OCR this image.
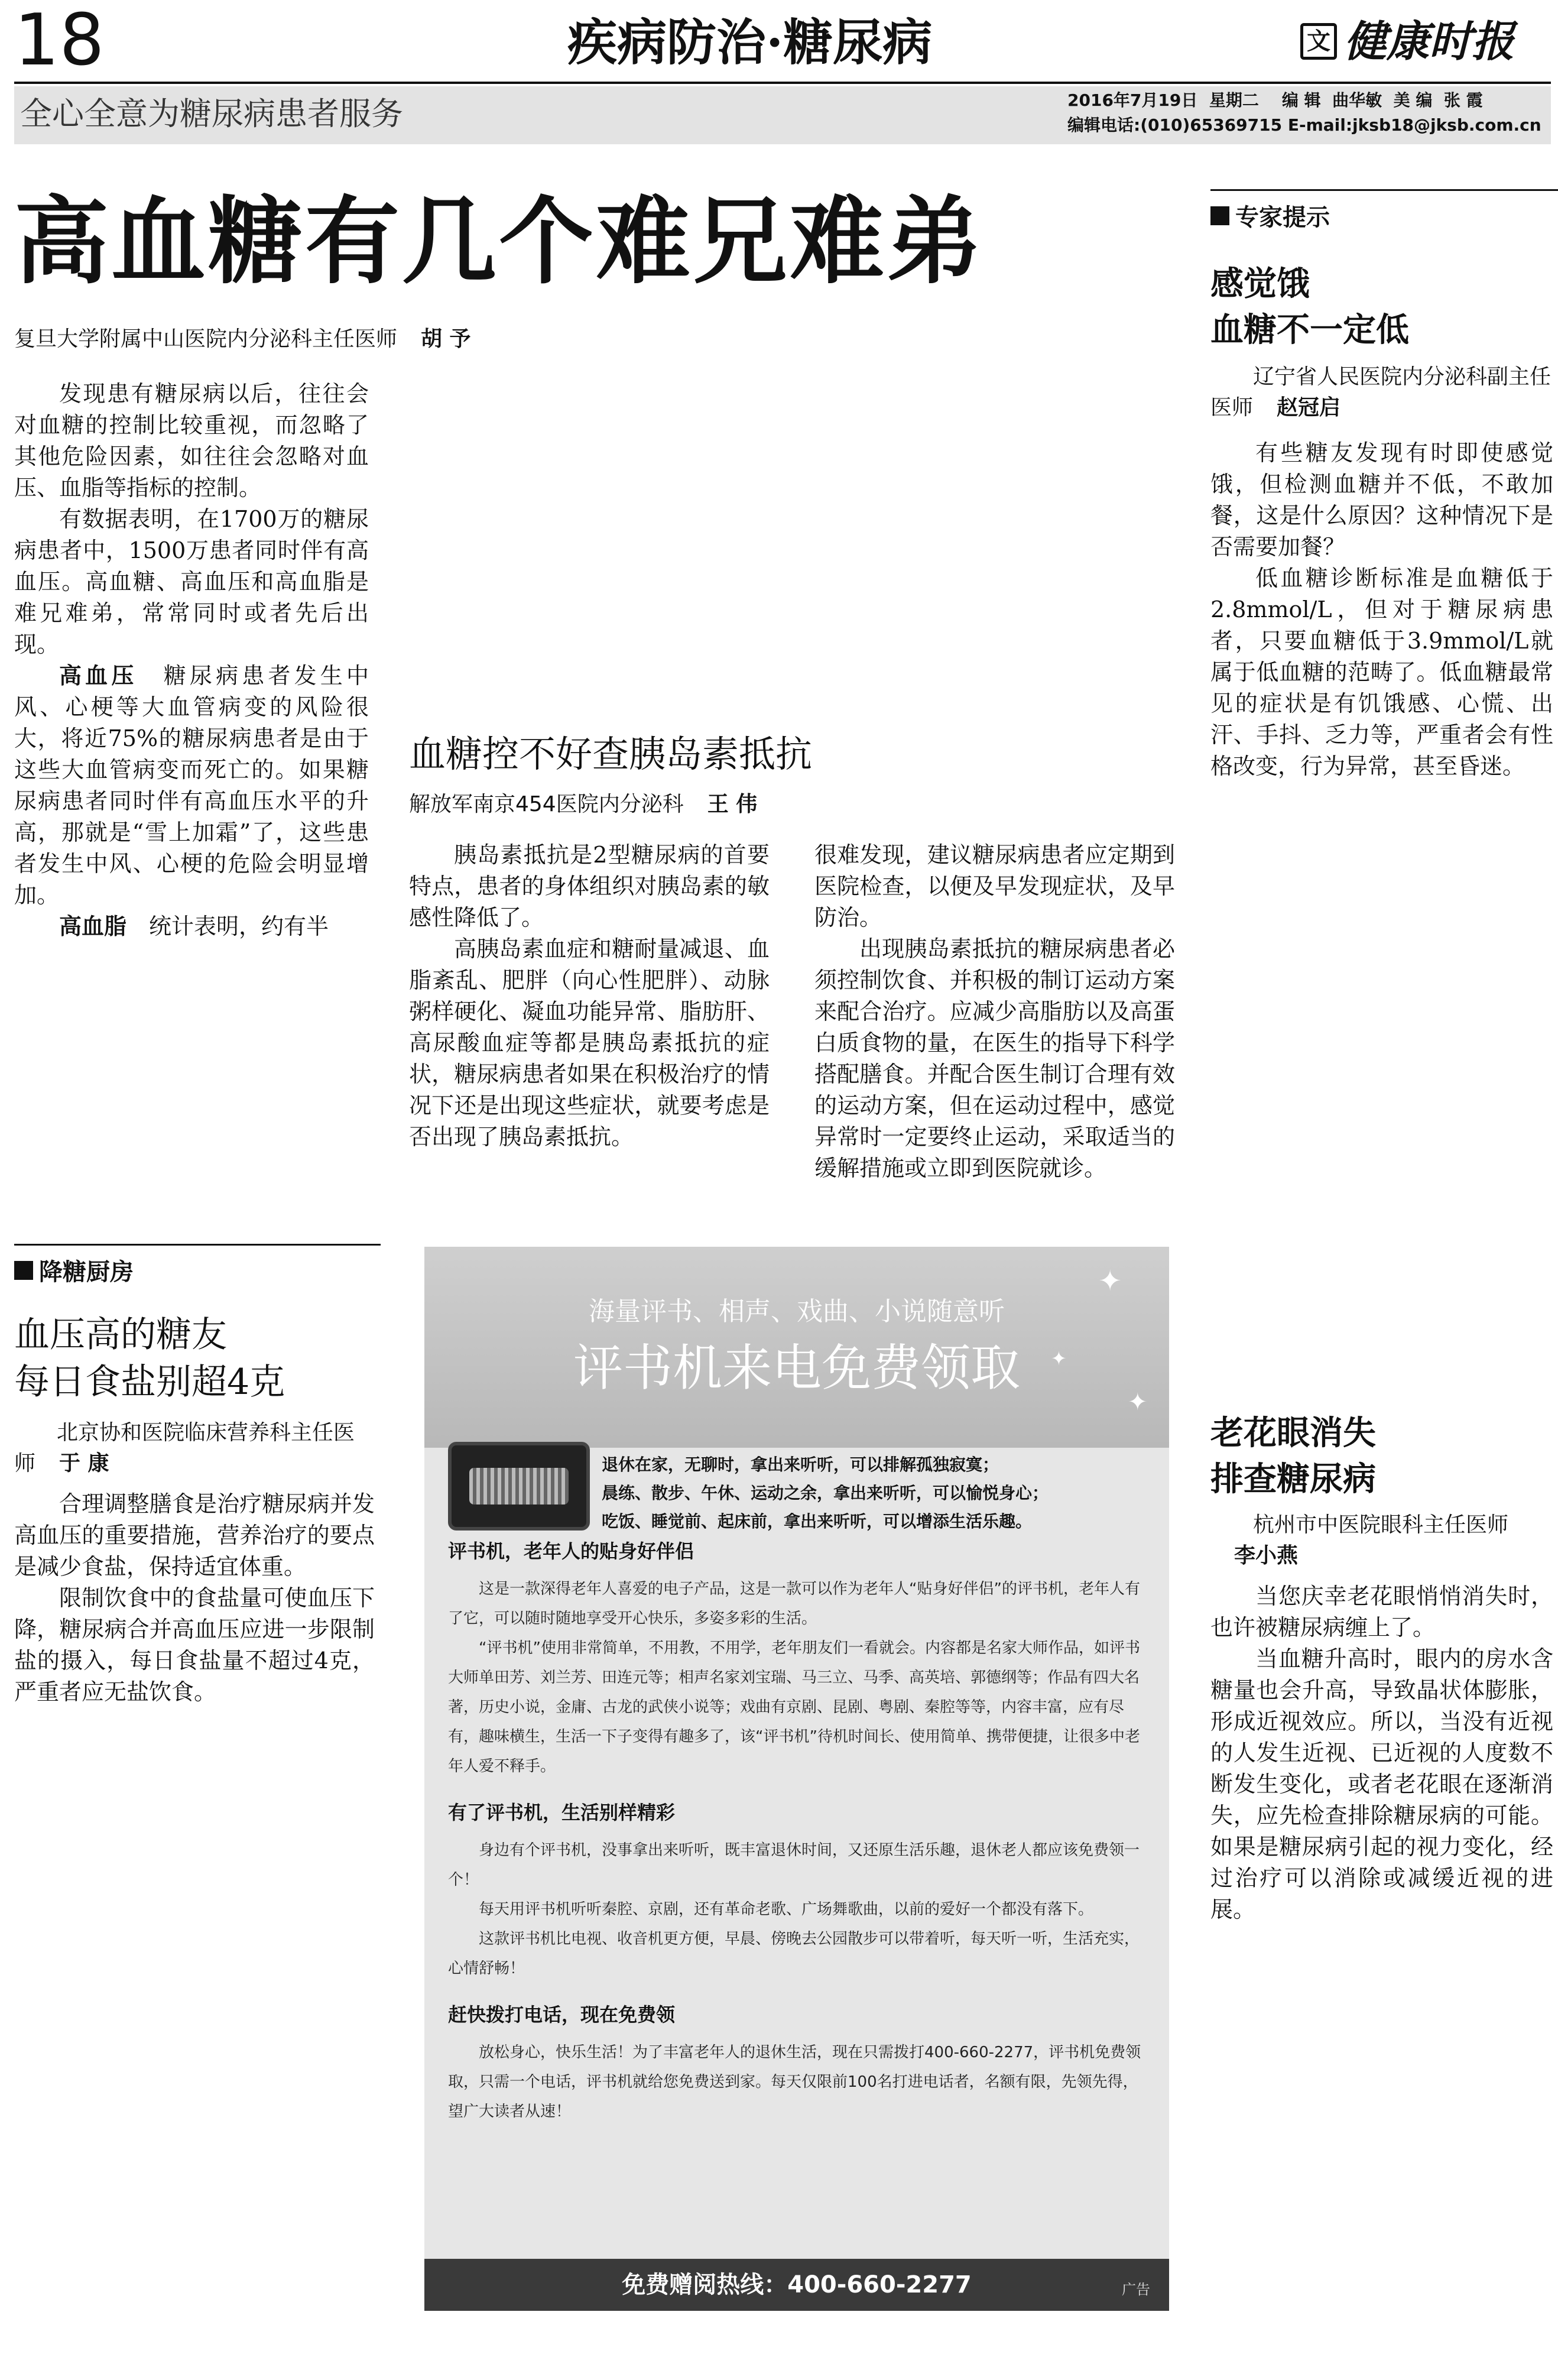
18	疾病防治·糖尿病	文 健康时报
全心全意为糖尿病患者服务	2016年7月19日  星期二    编 辑  曲华敏  美 编  张 霞
编辑电话:(010)65369715 E-mail:jksb18@jksb.com.cn
高血糖有几个难兄难弟
复旦大学附属中山医院内分泌科主任医师 胡 予

发现患有糖尿病以后，往往会对血糖的控制比较重视，而忽略了其他危险因素，如往往会忽略对血压、血脂等指标的控制。

有数据表明，在1700万的糖尿病患者中，1500万患者同时伴有高血压。高血糖、高血压和高血脂是难兄难弟，常常同时或者先后出现。

高血压　 糖尿病患者发生中风、心梗等大血管病变的风险很大，将近75%的糖尿病患者是由于这些大血管病变而死亡的。如果糖尿病患者同时伴有高血压水平的升高，那就是“雪上加霜”了，这些患者发生中风、心梗的危险会明显增加。

高血脂　 统计表明，约有半

血糖控不好查胰岛素抵抗
解放军南京454医院内分泌科 王 伟

胰岛素抵抗是2型糖尿病的首要特点，患者的身体组织对胰岛素的敏感性降低了。

高胰岛素血症和糖耐量减退、血脂紊乱、肥胖（向心性肥胖）、动脉粥样硬化、凝血功能异常、脂肪肝、高尿酸血症等都是胰岛素抵抗的症状，糖尿病患者如果在积极治疗的情况下还是出现这些症状，就要考虑是否出现了胰岛素抵抗。

很难发现，建议糖尿病患者应定期到医院检查，以便及早发现症状，及早防治。

出现胰岛素抵抗的糖尿病患者必须控制饮食、并积极的制订运动方案来配合治疗。应减少高脂肪以及高蛋白质食物的量，在医生的指导下科学搭配膳食。并配合医生制订合理有效的运动方案，但在运动过程中，感觉异常时一定要终止运动，采取适当的缓解措施或立即到医院就诊。

降糖厨房
血压高的糖友
每日食盐别超4克
北京协和医院临床营养科主任医师 于 康

合理调整膳食是治疗糖尿病并发高血压的重要措施，营养治疗的要点是减少食盐，保持适宜体重。

限制饮食中的食盐量可使血压下降，糖尿病合并高血压应进一步限制盐的摄入，每日食盐量不超过4克，严重者应无盐饮食。

专家提示
感觉饿
血糖不一定低
辽宁省人民医院内分泌科副主任医师 赵冠启

有些糖友发现有时即使感觉饿，但检测血糖并不低，不敢加餐，这是什么原因？这种情况下是否需要加餐？

低血糖诊断标准是血糖低于2.8mmol/L，但对于糖尿病患者，只要血糖低于3.9mmol/L就属于低血糖的范畴了。低血糖最常见的症状是有饥饿感、心慌、出汗、手抖、乏力等，严重者会有性格改变，行为异常，甚至昏迷。

老花眼消失
排查糖尿病
杭州市中医院眼科主任医师李小燕

当您庆幸老花眼悄悄消失时，也许被糖尿病缠上了。

当血糖升高时，眼内的房水含糖量也会升高，导致晶状体膨胀，形成近视效应。所以，当没有近视的人发生近视、已近视的人度数不断发生变化，或者老花眼在逐渐消失，应先检查排除糖尿病的可能。如果是糖尿病引起的视力变化，经过治疗可以消除或减缓近视的进展。

✦
✦
✦
海量评书、相声、戏曲、小说随意听
评书机来电免费领取
退休在家，无聊时，拿出来听听，可以排解孤独寂寞；
晨练、散步、午休、运动之余，拿出来听听，可以愉悦身心；
吃饭、睡觉前、起床前，拿出来听听，可以增添生活乐趣。
评书机，老年人的贴身好伴侣

这是一款深得老年人喜爱的电子产品，这是一款可以作为老年人“贴身好伴侣”的评书机，老年人有了它，可以随时随地享受开心快乐，多姿多彩的生活。

“评书机”使用非常简单，不用教，不用学，老年朋友们一看就会。内容都是名家大师作品，如评书大师单田芳、刘兰芳、田连元等；相声名家刘宝瑞、马三立、马季、高英培、郭德纲等；作品有四大名著，历史小说，金庸、古龙的武侠小说等；戏曲有京剧、昆剧、粤剧、秦腔等等，内容丰富，应有尽有，趣味横生，生活一下子变得有趣多了，该“评书机”待机时间长、使用简单、携带便捷，让很多中老年人爱不释手。

有了评书机，生活别样精彩

身边有个评书机，没事拿出来听听，既丰富退休时间，又还原生活乐趣，退休老人都应该免费领一个！

每天用评书机听听秦腔、京剧，还有革命老歌、广场舞歌曲，以前的爱好一个都没有落下。

这款评书机比电视、收音机更方便，早晨、傍晚去公园散步可以带着听，每天听一听，生活充实，心情舒畅！

赶快拨打电话，现在免费领

放松身心，快乐生活！为了丰富老年人的退休生活，现在只需拨打400-660-2277，评书机免费领取，只需一个电话，评书机就给您免费送到家。每天仅限前100名打进电话者，名额有限，先领先得，望广大读者从速！

免费赠阅热线：400-660-2277	广告
